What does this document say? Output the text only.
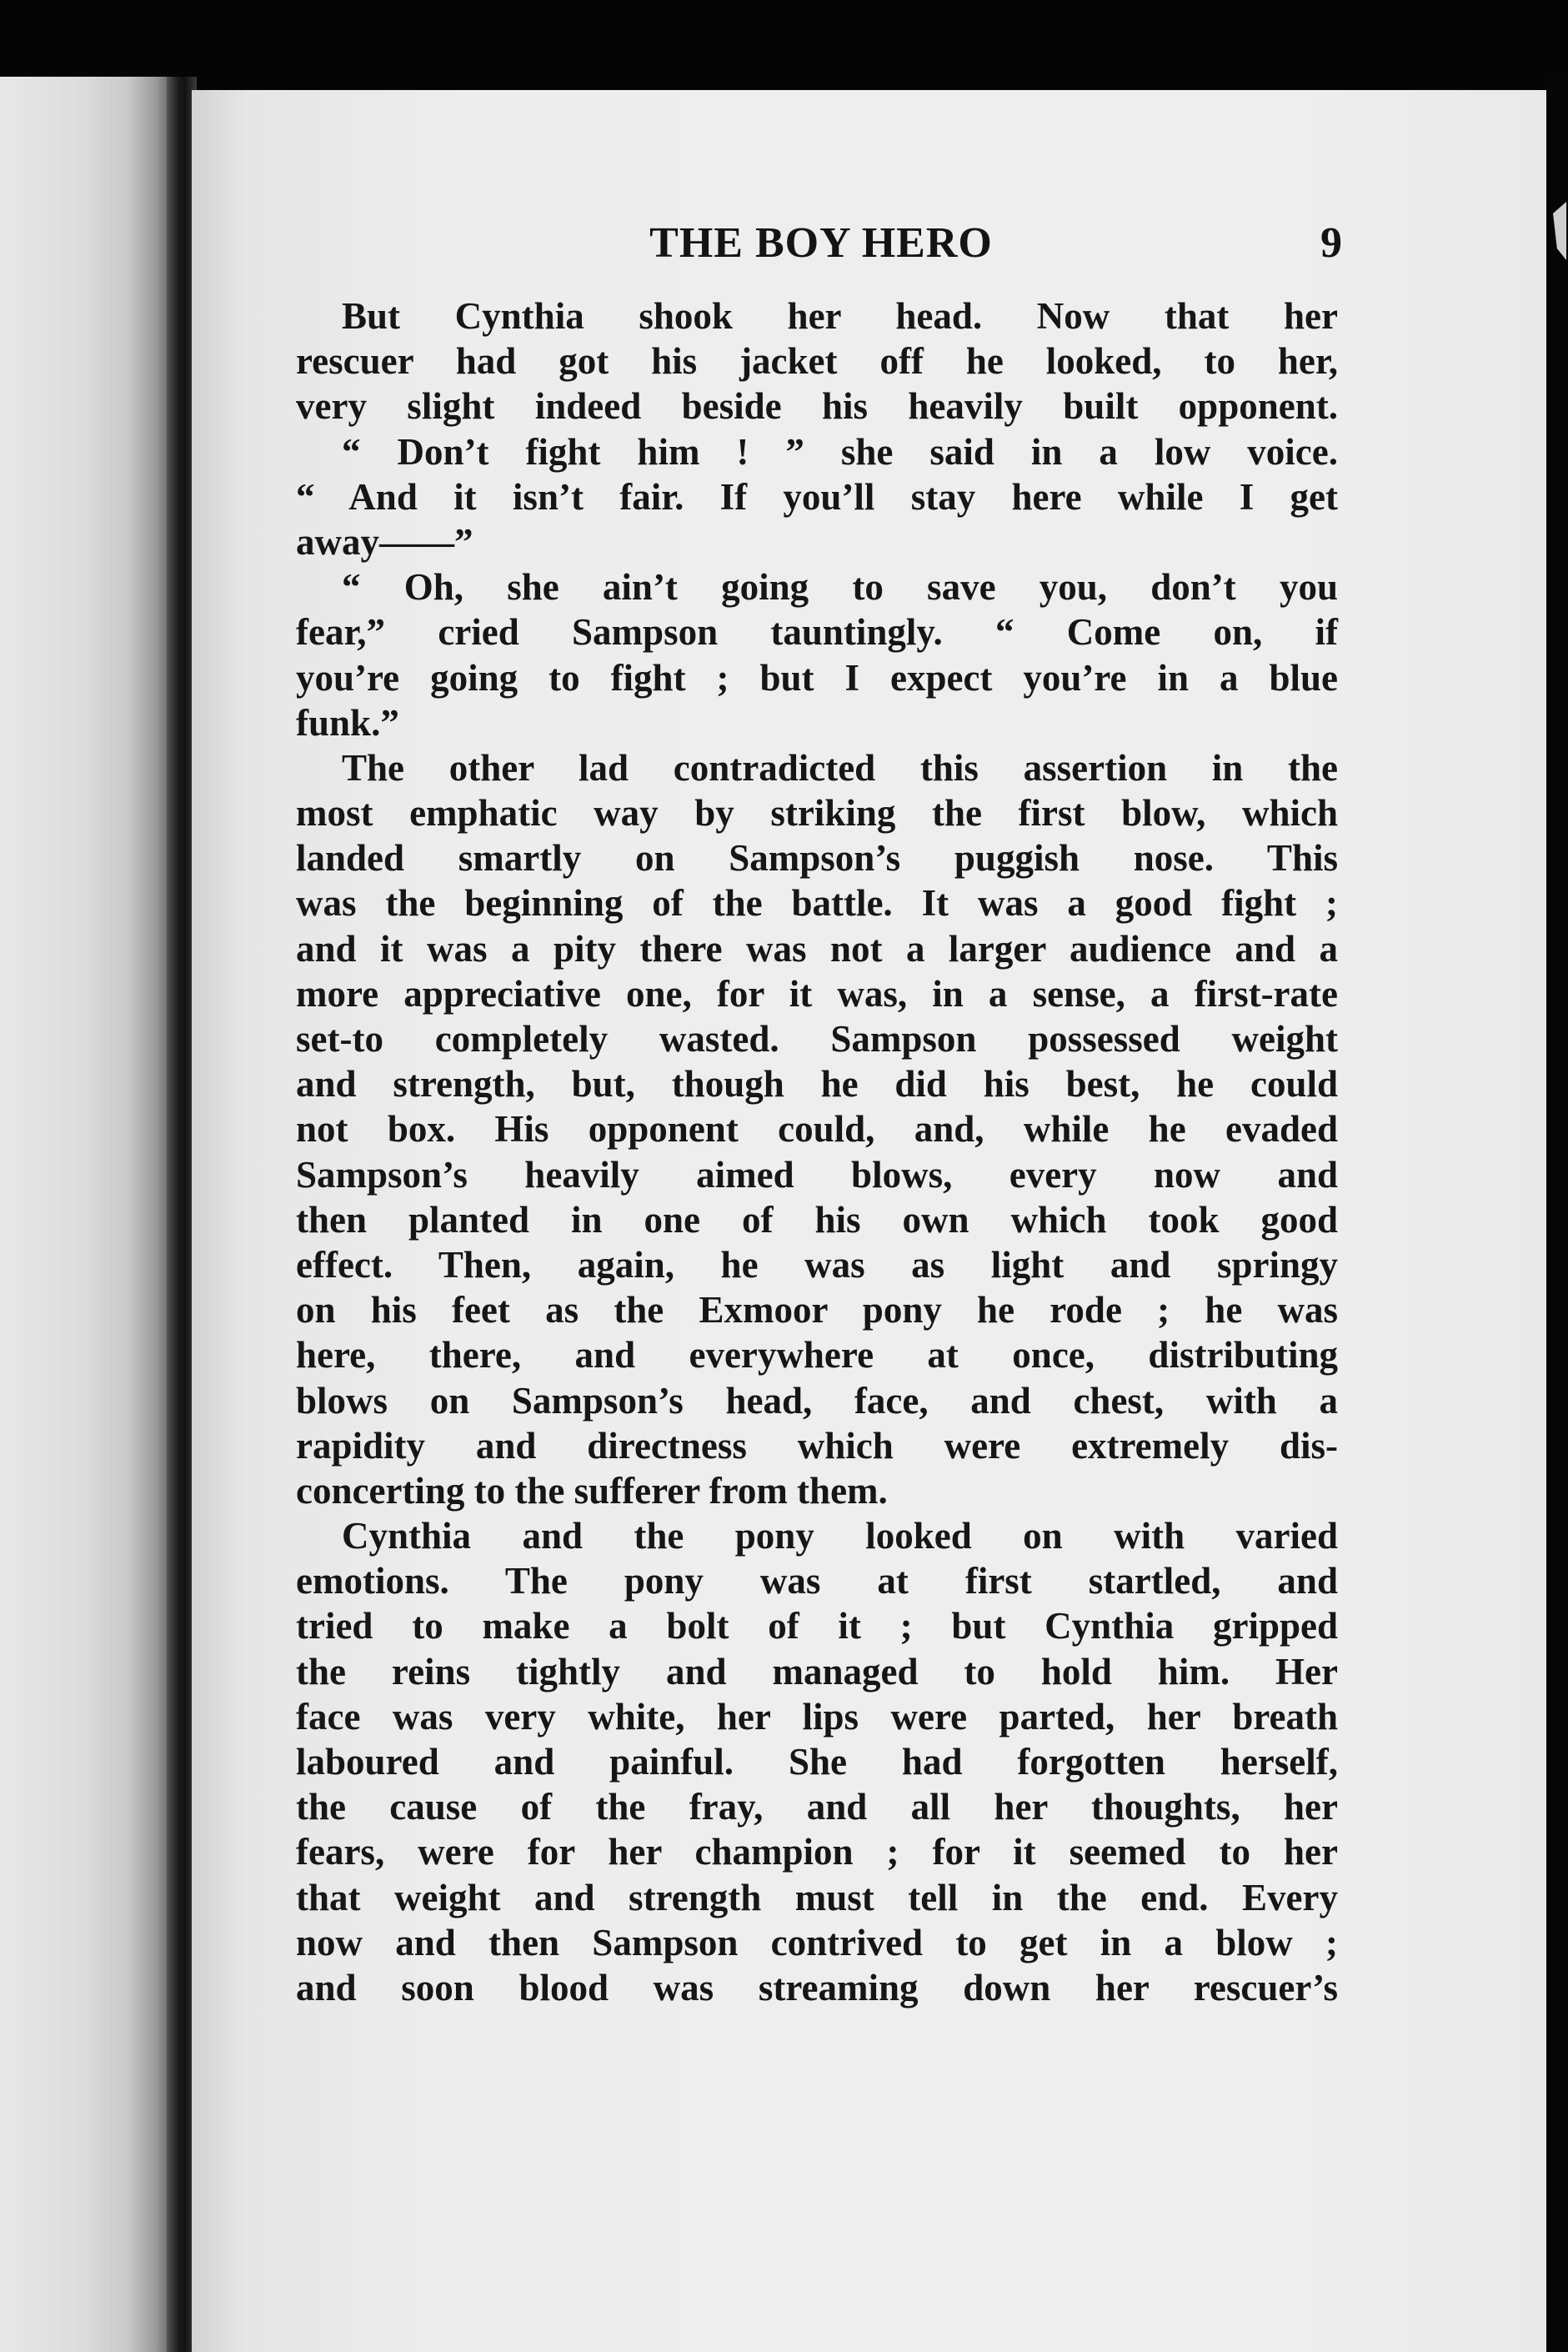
THE BOY HERO	9
But Cynthia shook her head. Now that her
rescuer had got his jacket off he looked, to her,
very slight indeed beside his heavily built opponent.
“ Don’t fight him ! ” she said in a low voice.
“ And it isn’t fair. If you’ll stay here while I get
away——”
“ Oh, she ain’t going to save you, don’t you
fear,” cried Sampson tauntingly. “ Come on, if
you’re going to fight ; but I expect you’re in a blue
funk.”
The other lad contradicted this assertion in the
most emphatic way by striking the first blow, which
landed smartly on Sampson’s puggish nose. This
was the beginning of the battle. It was a good fight ;
and it was a pity there was not a larger audience and a
more appreciative one, for it was, in a sense, a first-rate
set-to completely wasted. Sampson possessed weight
and strength, but, though he did his best, he could
not box. His opponent could, and, while he evaded
Sampson’s heavily aimed blows, every now and
then planted in one of his own which took good
effect. Then, again, he was as light and springy
on his feet as the Exmoor pony he rode ; he was
here, there, and everywhere at once, distributing
blows on Sampson’s head, face, and chest, with a
rapidity and directness which were extremely dis-
concerting to the sufferer from them.
Cynthia and the pony looked on with varied
emotions. The pony was at first startled, and
tried to make a bolt of it ; but Cynthia gripped
the reins tightly and managed to hold him. Her
face was very white, her lips were parted, her breath
laboured and painful. She had forgotten herself,
the cause of the fray, and all her thoughts, her
fears, were for her champion ; for it seemed to her
that weight and strength must tell in the end. Every
now and then Sampson contrived to get in a blow ;
and soon blood was streaming down her rescuer’s
